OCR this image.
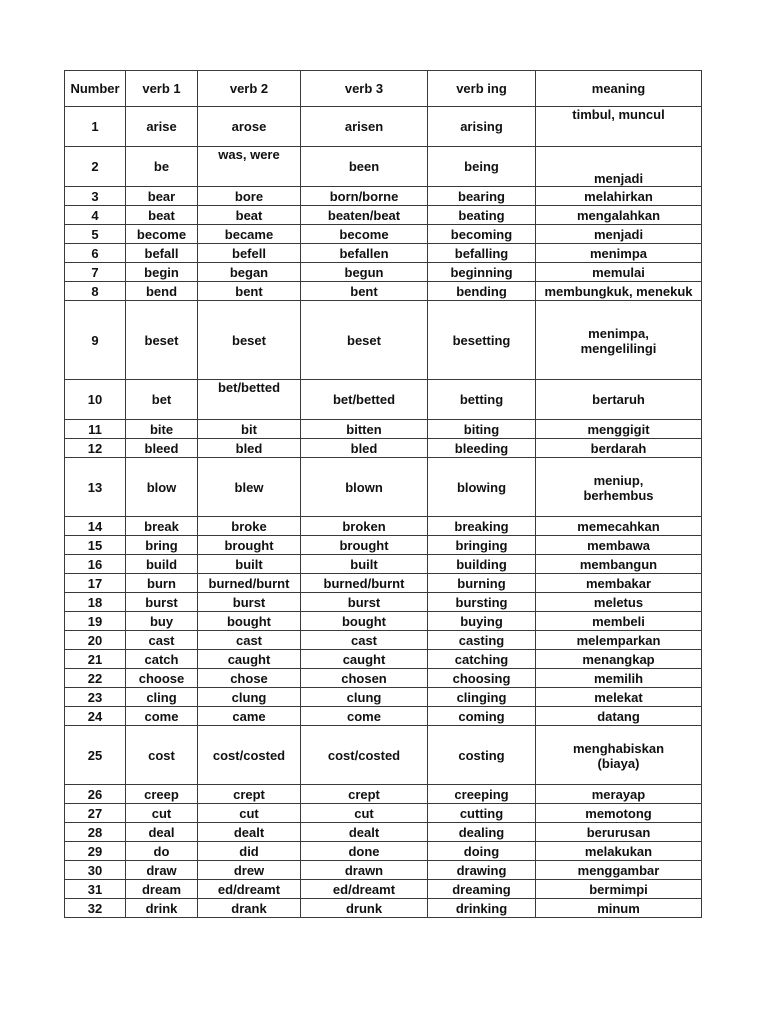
Number	verb 1	verb 2	verb 3	verb ing	meaning
1	arise	arose	arisen	arising	timbul, muncul
2	be	was, were	been	being	menjadi
3	bear	bore	born/borne	bearing	melahirkan
4	beat	beat	beaten/beat	beating	mengalahkan
5	become	became	become	becoming	menjadi
6	befall	befell	befallen	befalling	menimpa
7	begin	began	begun	beginning	memulai
8	bend	bent	bent	bending	membungkuk, menekuk
9	beset	beset	beset	besetting	menimpa,
mengelilingi

10	bet	bet/betted	bet/betted	betting	bertaruh
11	bite	bit	bitten	biting	menggigit
12	bleed	bled	bled	bleeding	berdarah
13	blow	blew	blown	blowing	meniup,
berhembus

14	break	broke	broken	breaking	memecahkan
15	bring	brought	brought	bringing	membawa
16	build	built	built	building	membangun
17	burn	burned/burnt	burned/burnt	burning	membakar
18	burst	burst	burst	bursting	meletus
19	buy	bought	bought	buying	membeli
20	cast	cast	cast	casting	melemparkan
21	catch	caught	caught	catching	menangkap
22	choose	chose	chosen	choosing	memilih
23	cling	clung	clung	clinging	melekat
24	come	came	come	coming	datang
25	cost	cost/costed	cost/costed	costing	menghabiskan
(biaya)

26	creep	crept	crept	creeping	merayap
27	cut	cut	cut	cutting	memotong
28	deal	dealt	dealt	dealing	berurusan
29	do	did	done	doing	melakukan
30	draw	drew	drawn	drawing	menggambar
31	dream	ed/dreamt	ed/dreamt	dreaming	bermimpi
32	drink	drank	drunk	drinking	minum
